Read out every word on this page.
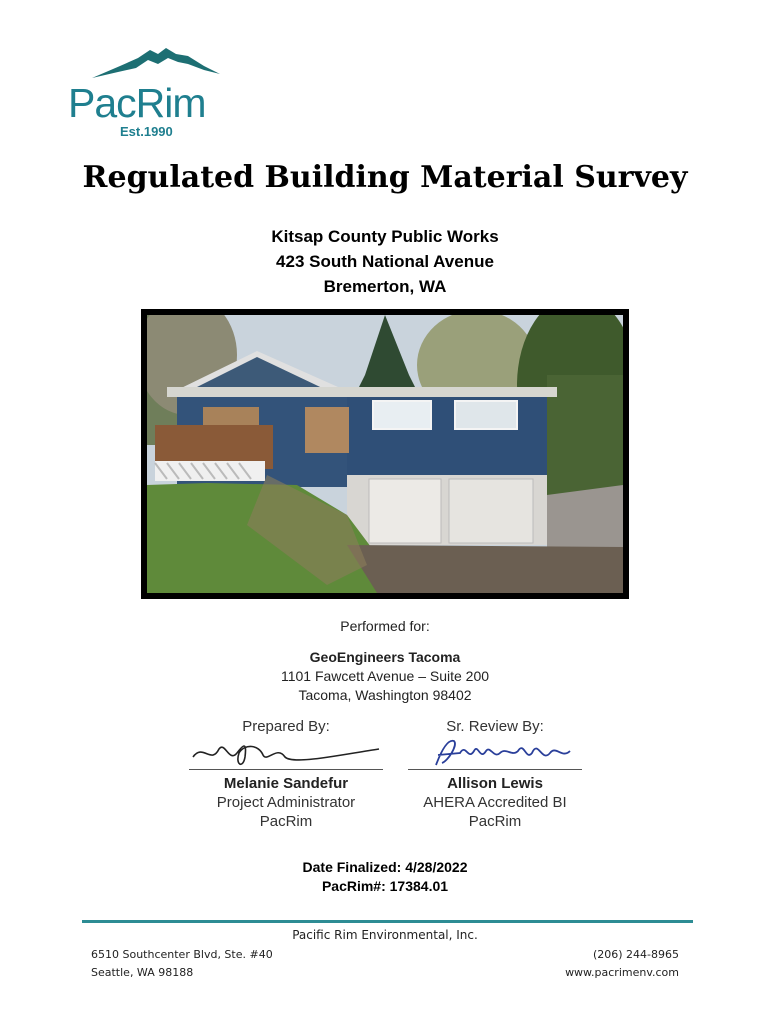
PacRim
Est.1990
Regulated Building Material Survey
Kitsap County Public Works
423 South National Avenue
Bremerton, WA
Performed for:
GeoEngineers Tacoma
1101 Fawcett Avenue – Suite 200
Tacoma, Washington 98402
Prepared By:
Melanie Sandefur
Project Administrator
PacRim
Sr. Review By:
Allison Lewis
AHERA Accredited BI
PacRim
Date Finalized: 4/28/2022
PacRim#: 17384.01
Pacific Rim Environmental, Inc.
6510 Southcenter Blvd, Ste. #40
Seattle, WA 98188
(206) 244-8965
www.pacrimenv.com
